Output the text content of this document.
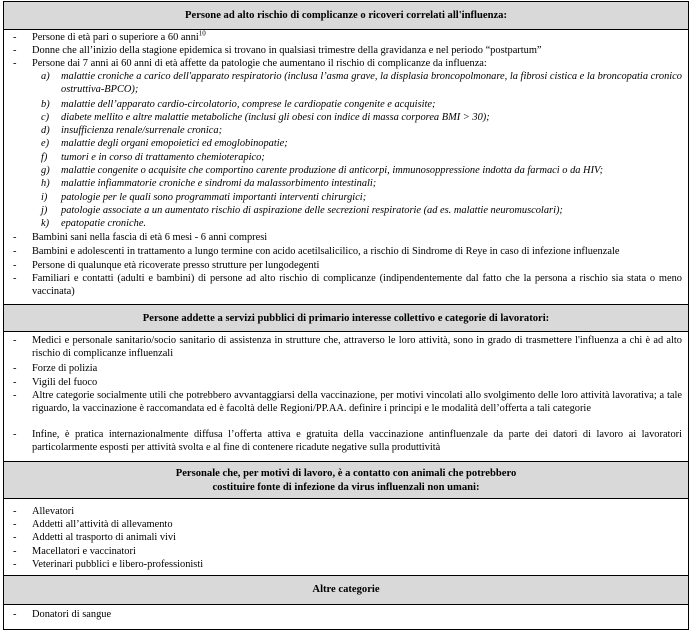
Persone ad alto rischio di complicanze o ricoveri correlati all'influenza:
- Persone di età pari o superiore a 60 anni$^{10}$
- Donne che all’inizio della stagione epidemica si trovano in qualsiasi trimestre della gravidanza e nel periodo “postpartum”
- Persone dai 7 anni ai 60 anni di età affette da patologie che aumentano il rischio di complicanze da influenza:
a) malattie croniche a carico dell'apparato respiratorio (inclusa l’asma grave, la displasia broncopolmonare, la fibrosi cistica e la broncopatia cronico ostruttiva-BPCO);
b) malattie dell’apparato cardio-circolatorio, comprese le cardiopatie congenite e acquisite;
c) diabete mellito e altre malattie metaboliche (inclusi gli obesi con indice di massa corporea BMI > 30);
d) insufficienza renale/surrenale cronica;
e) malattie degli organi emopoietici ed emoglobinopatie;
f) tumori e in corso di trattamento chemioterapico;
g) malattie congenite o acquisite che comportino carente produzione di anticorpi, immunosoppressione indotta da farmaci o da HIV;
h) malattie infiammatorie croniche e sindromi da malassorbimento intestinali;
i) patologie per le quali sono programmati importanti interventi chirurgici;
j) patologie associate a un aumentato rischio di aspirazione delle secrezioni respiratorie (ad es. malattie neuromuscolari);
k) epatopatie croniche.
- Bambini sani nella fascia di età 6 mesi - 6 anni compresi
- Bambini e adolescenti in trattamento a lungo termine con acido acetilsalicilico, a rischio di Sindrome di Reye in caso di infezione influenzale
- Persone di qualunque età ricoverate presso strutture per lungodegenti
- Familiari e contatti (adulti e bambini) di persone ad alto rischio di complicanze (indipendentemente dal fatto che la persona a rischio sia stata o meno vaccinata)
Persone addette a servizi pubblici di primario interesse collettivo e categorie di lavoratori:
- Medici e personale sanitario/socio sanitario di assistenza in strutture che, attraverso le loro attività, sono in grado di trasmettere l'influenza a chi è ad alto rischio di complicanze influenzali
- Forze di polizia
- Vigili del fuoco
- Altre categorie socialmente utili che potrebbero avvantaggiarsi della vaccinazione, per motivi vincolati allo svolgimento delle loro attività lavorativa; a tale riguardo, la vaccinazione è raccomandata ed è facoltà delle Regioni/PP.AA. definire i principi e le modalità dell’offerta a tali categorie
- Infine, è pratica internazionalmente diffusa l’offerta attiva e gratuita della vaccinazione antinfluenzale da parte dei datori di lavoro ai lavoratori particolarmente esposti per attività svolta e al fine di contenere ricadute negative sulla produttività
Personale che, per motivi di lavoro, è a contatto con animali che potrebbero
costituire fonte di infezione da virus influenzali non umani:
- Allevatori
- Addetti all’attività di allevamento
- Addetti al trasporto di animali vivi
- Macellatori e vaccinatori
- Veterinari pubblici e libero-professionisti
Altre categorie
- Donatori di sangue
